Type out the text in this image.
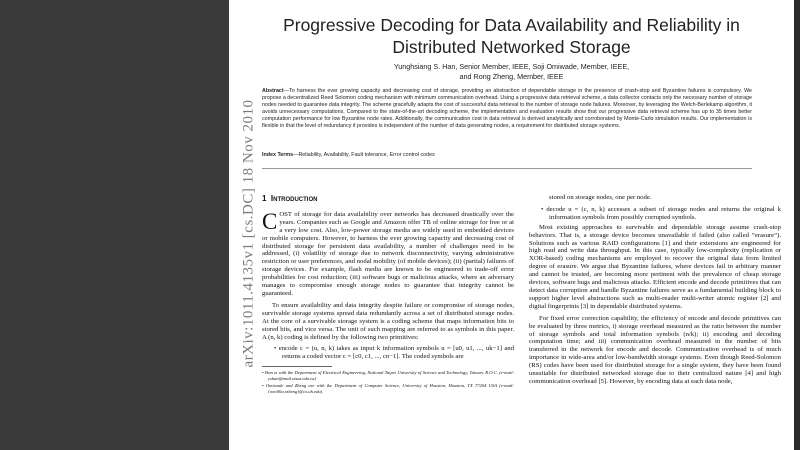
arXiv:1011.4135v1 [cs.DC] 18 Nov 2010
Progressive Decoding for Data Availability and Reliability in Distributed Networked Storage
Yunghsiang S. Han, Senior Member, IEEE, Soji Omiwade, Member, IEEE,
and Rong Zheng, Member, IEEE
Abstract—To harness the ever growing capacity and decreasing cost of storage, providing an abstraction of dependable storage in the presence of crash-stop and Byzantine failures is compulsory. We propose a decentralized Reed Solomon coding mechanism with minimum communication overhead. Using a progressive data retrieval scheme, a data collector contacts only the necessary number of storage nodes needed to guarantee data integrity. The scheme gracefully adapts the cost of successful data retrieval to the number of storage node failures. Moreover, by leveraging the Welch-Berlekamp algorithm, it avoids unnecessary computations. Compared to the state-of-the-art decoding scheme, the implementation and evaluation results show that our progressive data retrieval scheme has up to 35 times better computation performance for low Byzantine node rates. Additionally, the communication cost in data retrieval is derived analytically and corroborated by Monte-Carlo simulation results. Our implementation is flexible in that the level of redundancy it provides is independent of the number of data generating nodes, a requirement for distributed storage systems.
Index Terms—Reliability, Availability, Fault tolerance, Error control codes
1 Introduction

COST of storage for data availability over networks has decreased drastically over the years. Companies such as Google and Amazon offer TB of online storage for free or at a very low cost. Also, low-power storage media are widely used in embedded devices or mobile computers. However, to harness the ever growing capacity and decreasing cost of distributed storage for persistent data availability, a number of challenges need to be addressed, (i) volatility of storage due to network disconnectivity, varying administrative restriction or user preferences, and nodal mobility (of mobile devices); (ii) (partial) failures of storage devices. For example, flash media are known to be engineered to trade-off error probabilities for cost reduction; (iii) software bugs or malicious attacks, where an adversary manages to compromise enough storage nodes to guarantee that integrity cannot be guaranteed.

To ensure availability and data integrity despite failure or compromise of storage nodes, survivable storage systems spread data redundantly across a set of distributed storage nodes. At the core of a survivable storage system is a coding scheme that maps information bits to stored bits, and vice versa. The unit of such mapping are referred to as symbols in this paper. A (n, k) coding is defined by the following two primitives:

• encode c = (u, n, k) takes as input k information symbols u = [u0, u1, ..., uk−1] and returns a coded vector c = [c0, c1, ..., cn−1]. The coded symbols are

• Han is with the Department of Electrical Engineering, National Taipei University of Science and Technology, Taiwan, R.O.C. (e-mail: yshan@mail.ntust.edu.tw)

• Omiwade and Zheng are with the Department of Computer Science, University of Houston, Houston, TX 77204 USA (e-mail: {ooo00a,rzheng}@cs.uh.edu).

stored on storage nodes, one per node.

• decode u = (c, n, k) accesses a subset of storage nodes and returns the original k information symbols from possibly corrupted symbols.

Most existing approaches to survivable and dependable storage assume crash-stop behaviors. That is, a storage device becomes unavailable if failed (also called “erasure”). Solutions such as various RAID configurations [1] and their extensions are engineered for high read and write data throughput. In this case, typically low-complexity (replication or XOR-based) coding mechanisms are employed to recover the original data from limited degree of erasure. We argue that Byzantine failures, where devices fail in arbitrary manner and cannot be trusted, are becoming more pertinent with the prevalence of cheap storage devices, software bugs and malicious attacks. Efficient encode and decode primitives that can detect data corruption and handle Byzantine failures serve as a fundamental building block to support higher level abstractions such as multi-reader multi-writer atomic register [2] and digital fingerprints [3] in dependable distributed systems.

For fixed error correction capability, the efficiency of encode and decode primitives can be evaluated by three metrics, i) storage overhead measured as the ratio between the number of storage symbols and total information symbols (n/k); ii) encoding and decoding computation time; and iii) communication overhead measured in the number of bits transferred in the network for encode and decode. Communication overhead is of much importance in wide-area and/or low-bandwidth storage systems. Even though Reed-Solomon (RS) codes have been used for distributed storage for a single system, they have been found unsuitable for distributed networked storage due to their centralized nature [4] and high communication overhead [5]. However, by encoding data at each data node,
